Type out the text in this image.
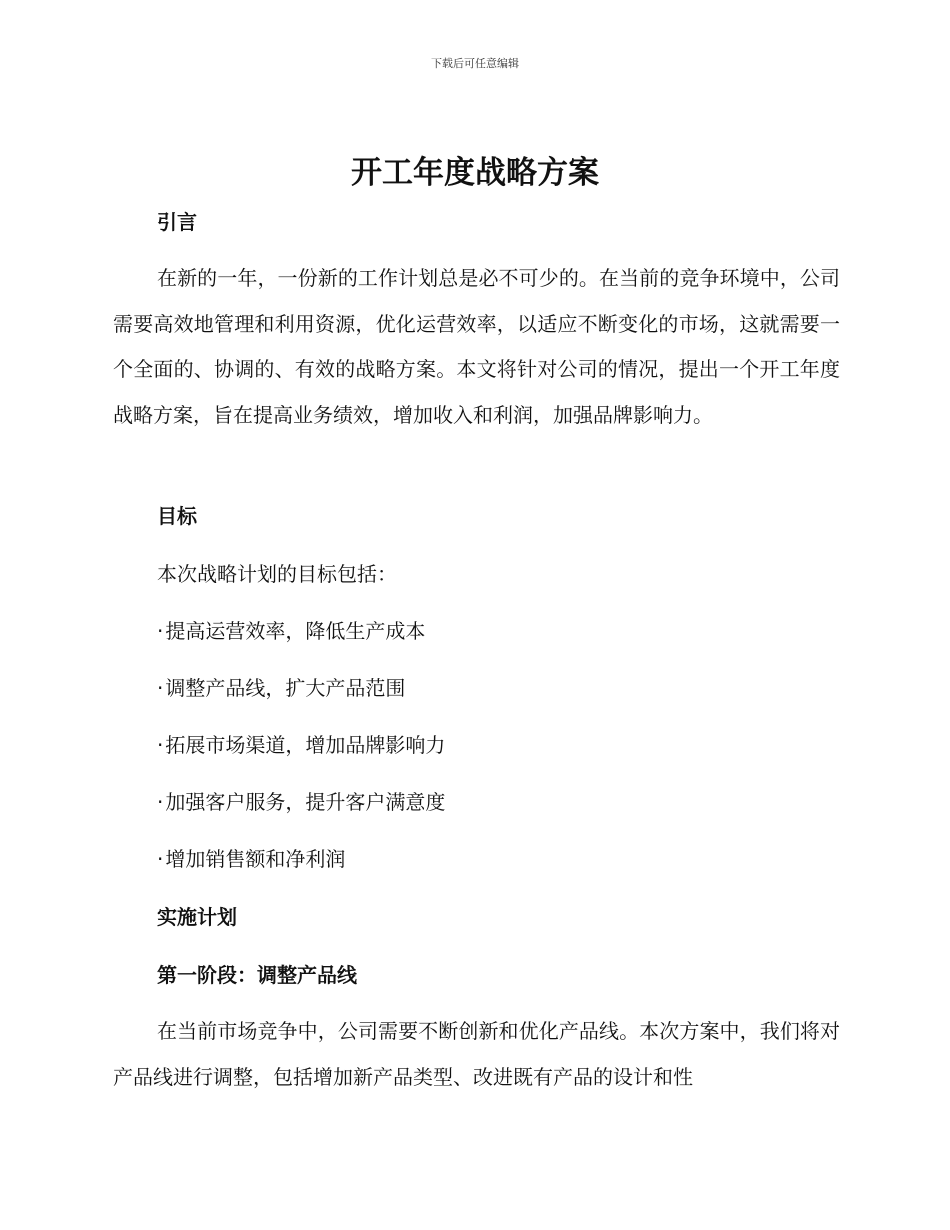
下载后可任意编辑
开工年度战略方案
引言
在新的一年，一份新的工作计划总是必不可少的。在当前的竞争环境中，公司需要高效地管理和利用资源，优化运营效率，以适应不断变化的市场，这就需要一个全面的、协调的、有效的战略方案。本文将针对公司的情况，提出一个开工年度战略方案，旨在提高业务绩效，增加收入和利润，加强品牌影响力。
目标
本次战略计划的目标包括：
· 提高运营效率，降低生产成本
· 调整产品线，扩大产品范围
· 拓展市场渠道，增加品牌影响力
· 加强客户服务，提升客户满意度
· 增加销售额和净利润
实施计划
第一阶段：调整产品线
在当前市场竞争中，公司需要不断创新和优化产品线。本次方案中，我们将对产品线进行调整，包括增加新产品类型、改进既有产品的设计和性
